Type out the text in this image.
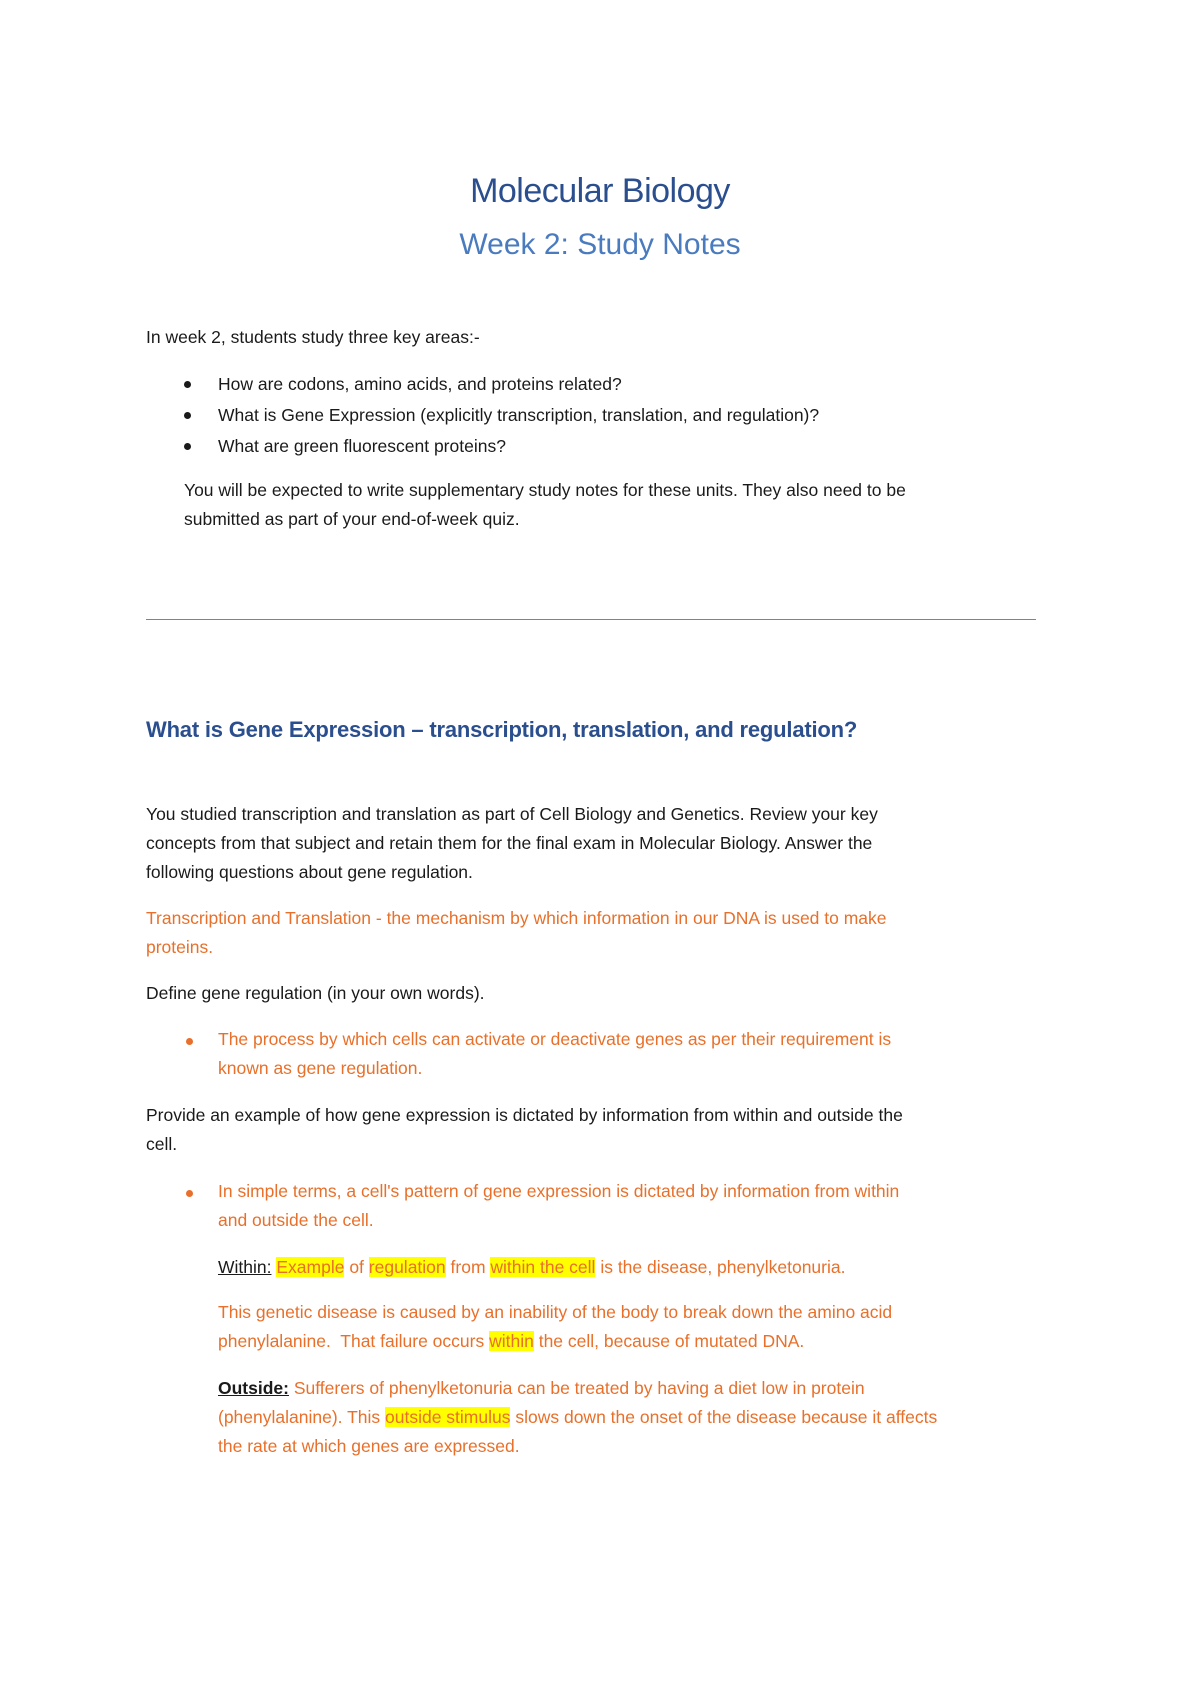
Molecular Biology
Week 2: Study Notes

In week 2, students study three key areas:-

How are codons, amino acids, and proteins related?
What is Gene Expression (explicitly transcription, translation, and regulation)?
What are green fluorescent proteins?

You will be expected to write supplementary study notes for these units. They also need to be

submitted as part of your end-of-week quiz.

What is Gene Expression – transcription, translation, and regulation?

You studied transcription and translation as part of Cell Biology and Genetics. Review your key

concepts from that subject and retain them for the final exam in Molecular Biology. Answer the

following questions about gene regulation.

Transcription and Translation - the mechanism by which information in our DNA is used to make

proteins.

Define gene regulation (in your own words).

The process by which cells can activate or deactivate genes as per their requirement is

known as gene regulation.

Provide an example of how gene expression is dictated by information from within and outside the

cell.

In simple terms, a cell's pattern of gene expression is dictated by information from within

and outside the cell.

Within: Example of regulation from within the cell is the disease, phenylketonuria.

This genetic disease is caused by an inability of the body to break down the amino acid

phenylalanine.  That failure occurs within the cell, because of mutated DNA.

Outside: Sufferers of phenylketonuria can be treated by having a diet low in protein

(phenylalanine). This outside stimulus slows down the onset of the disease because it affects

the rate at which genes are expressed.
